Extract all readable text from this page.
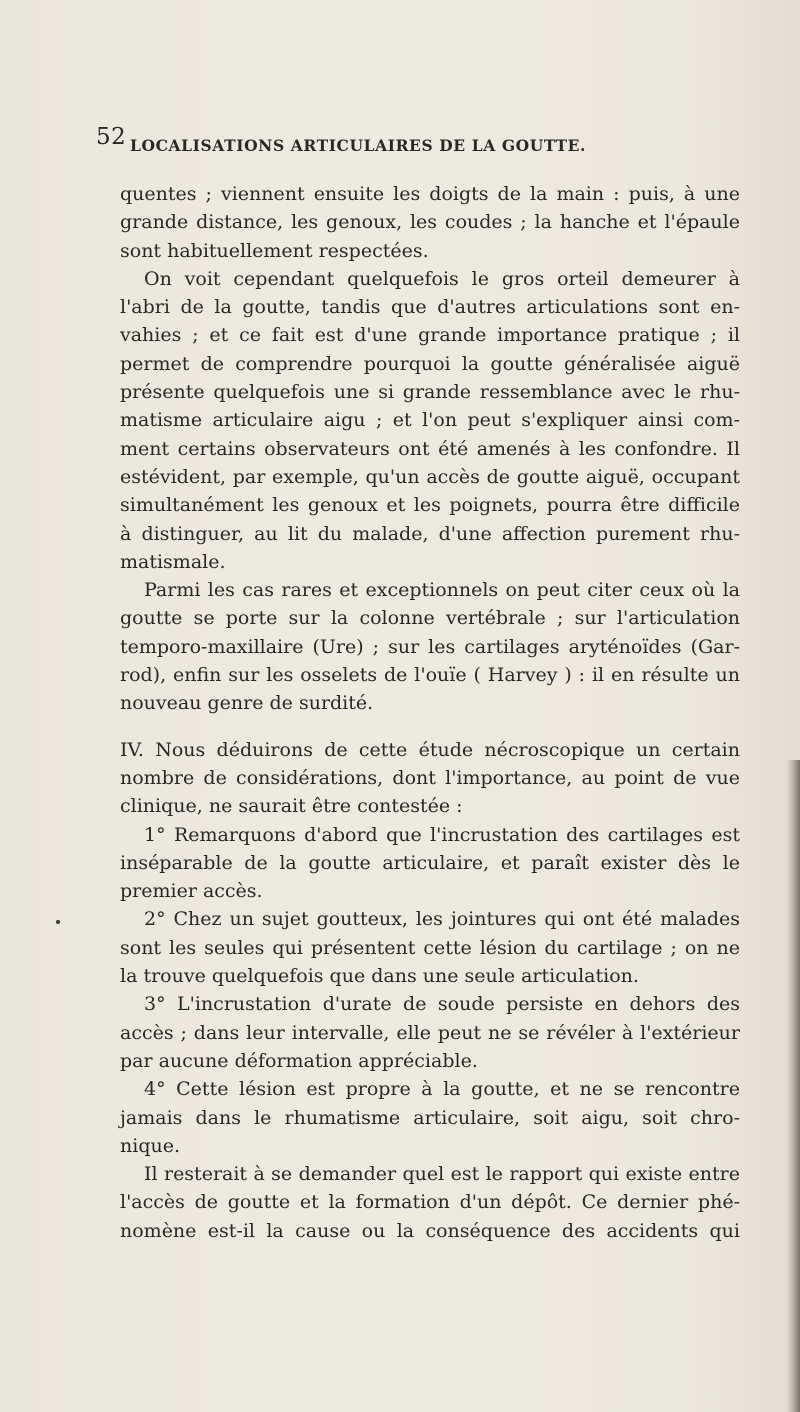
52 LOCALISATIONS ARTICULAIRES DE LA GOUTTE.
quentes ; viennent ensuite les doigts de la main : puis, à une
grande distance, les genoux, les coudes ; la hanche et l'épaule
sont habituellement respectées.
On voit cependant quelquefois le gros orteil demeurer à
l'abri de la goutte, tandis que d'autres articulations sont en-
vahies ; et ce fait est d'une grande importance pratique ; il
permet de comprendre pourquoi la goutte généralisée aiguë
présente quelquefois une si grande ressemblance avec le rhu-
matisme articulaire aigu ; et l'on peut s'expliquer ainsi com-
ment certains observateurs ont été amenés à les confondre. Il
estévident, par exemple, qu'un accès de goutte aiguë, occupant
simultanément les genoux et les poignets, pourra être difficile
à distinguer, au lit du malade, d'une affection purement rhu-
matismale.
Parmi les cas rares et exceptionnels on peut citer ceux où la
goutte se porte sur la colonne vertébrale ; sur l'articulation
temporo-maxillaire (Ure) ; sur les cartilages aryténoïdes (Gar-
rod), enfin sur les osselets de l'ouïe ( Harvey ) : il en résulte un
nouveau genre de surdité.
IV. Nous déduirons de cette étude nécroscopique un certain
nombre de considérations, dont l'importance, au point de vue
clinique, ne saurait être contestée :
1° Remarquons d'abord que l'incrustation des cartilages est
inséparable de la goutte articulaire, et paraît exister dès le
premier accès.
2° Chez un sujet goutteux, les jointures qui ont été malades
sont les seules qui présentent cette lésion du cartilage ; on ne
la trouve quelquefois que dans une seule articulation.
3° L'incrustation d'urate de soude persiste en dehors des
accès ; dans leur intervalle, elle peut ne se révéler à l'extérieur
par aucune déformation appréciable.
4° Cette lésion est propre à la goutte, et ne se rencontre
jamais dans le rhumatisme articulaire, soit aigu, soit chro-
nique.
Il resterait à se demander quel est le rapport qui existe entre
l'accès de goutte et la formation d'un dépôt. Ce dernier phé-
nomène est-il la cause ou la conséquence des accidents qui
